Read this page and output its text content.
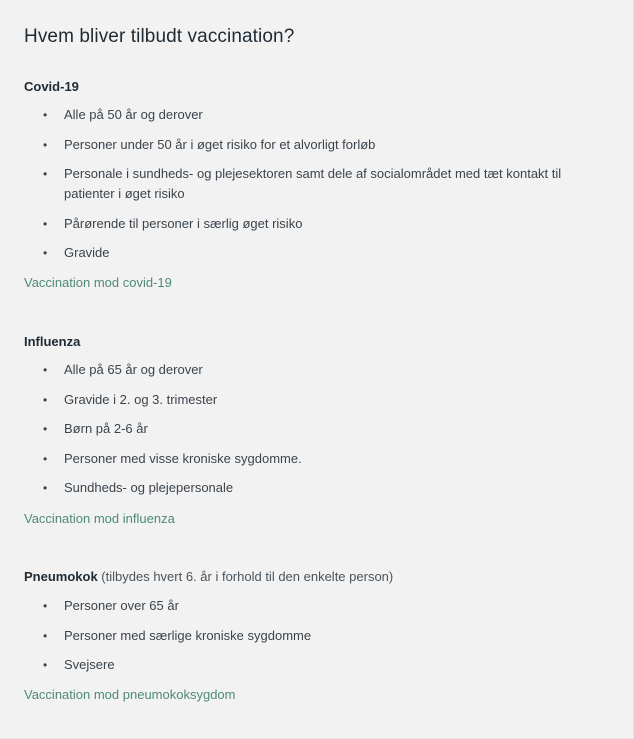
Hvem bliver tilbudt vaccination?
Covid-19
• Alle på 50 år og derover
• Personer under 50 år i øget risiko for et alvorligt forløb
• Personale i sundheds- og plejesektoren samt dele af socialområdet med tæt kontakt til patienter i øget risiko
• Pårørende til personer i særlig øget risiko
• Gravide
Vaccination mod covid-19
Influenza
• Alle på 65 år og derover
• Gravide i 2. og 3. trimester
• Børn på 2-6 år
• Personer med visse kroniske sygdomme.
• Sundheds- og plejepersonale
Vaccination mod influenza
Pneumokok (tilbydes hvert 6. år i forhold til den enkelte person)
• Personer over 65 år
• Personer med særlige kroniske sygdomme
• Svejsere
Vaccination mod pneumokoksygdom
